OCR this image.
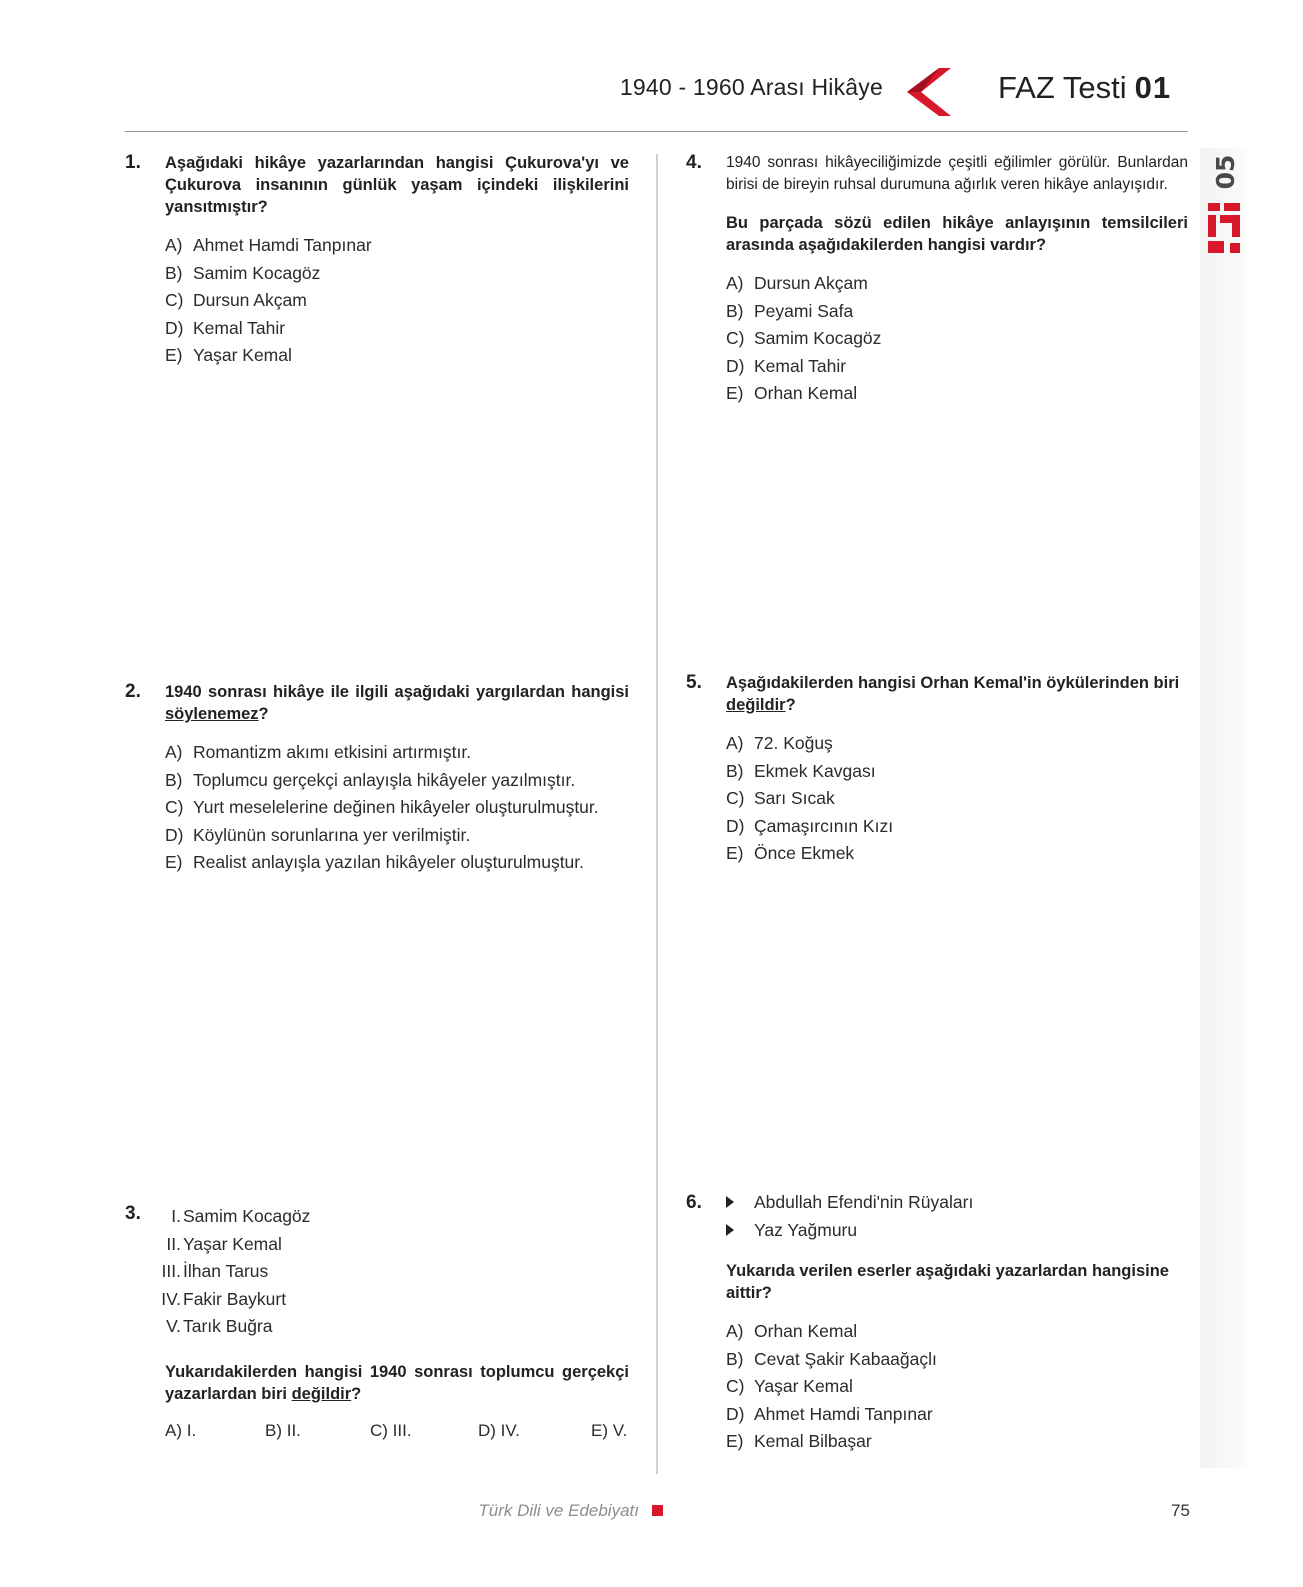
1940 - 1960 Arası Hikâye	FAZ Testi 01
05
1. Aşağıdaki hikâye yazarlarından hangisi Çukurova'yı ve Çukurova insanının günlük yaşam içindeki ilişkilerini yansıtmıştır?
A) Ahmet Hamdi Tanpınar
B) Samim Kocagöz
C) Dursun Akçam
D) Kemal Tahir
E) Yaşar Kemal
2. 1940 sonrası hikâye ile ilgili aşağıdaki yargılardan hangisi söylenemez?
A) Romantizm akımı etkisini artırmıştır.
B) Toplumcu gerçekçi anlayışla hikâyeler yazılmıştır.
C) Yurt meselelerine değinen hikâyeler oluşturulmuştur.
D) Köylünün sorunlarına yer verilmiştir.
E) Realist anlayışla yazılan hikâyeler oluşturulmuştur.
3.	I. Samim Kocagöz
II. Yaşar Kemal
III. İlhan Tarus
IV. Fakir Baykurt
V. Tarık Buğra
Yukarıdakilerden hangisi 1940 sonrası toplumcu gerçekçi yazarlardan biri değildir?
A) I.	B) II.	C) III.	D) IV.	E) V.
4. 1940 sonrası hikâyeciliğimizde çeşitli eğilimler görülür. Bunlardan birisi de bireyin ruhsal durumuna ağırlık veren hikâye anlayışıdır.
Bu parçada sözü edilen hikâye anlayışının temsilcileri arasında aşağıdakilerden hangisi vardır?
A) Dursun Akçam
B) Peyami Safa
C) Samim Kocagöz
D) Kemal Tahir
E) Orhan Kemal
5. Aşağıdakilerden hangisi Orhan Kemal'in öykülerinden biri değildir?
A) 72. Koğuş
B) Ekmek Kavgası
C) Sarı Sıcak
D) Çamaşırcının Kızı
E) Önce Ekmek
6.	Abdullah Efendi'nin Rüyaları
Yaz Yağmuru
Yukarıda verilen eserler aşağıdaki yazarlardan hangisine aittir?
A) Orhan Kemal
B) Cevat Şakir Kabaağaçlı
C) Yaşar Kemal
D) Ahmet Hamdi Tanpınar
E) Kemal Bilbaşar
Türk Dili ve Edebiyatı	75
